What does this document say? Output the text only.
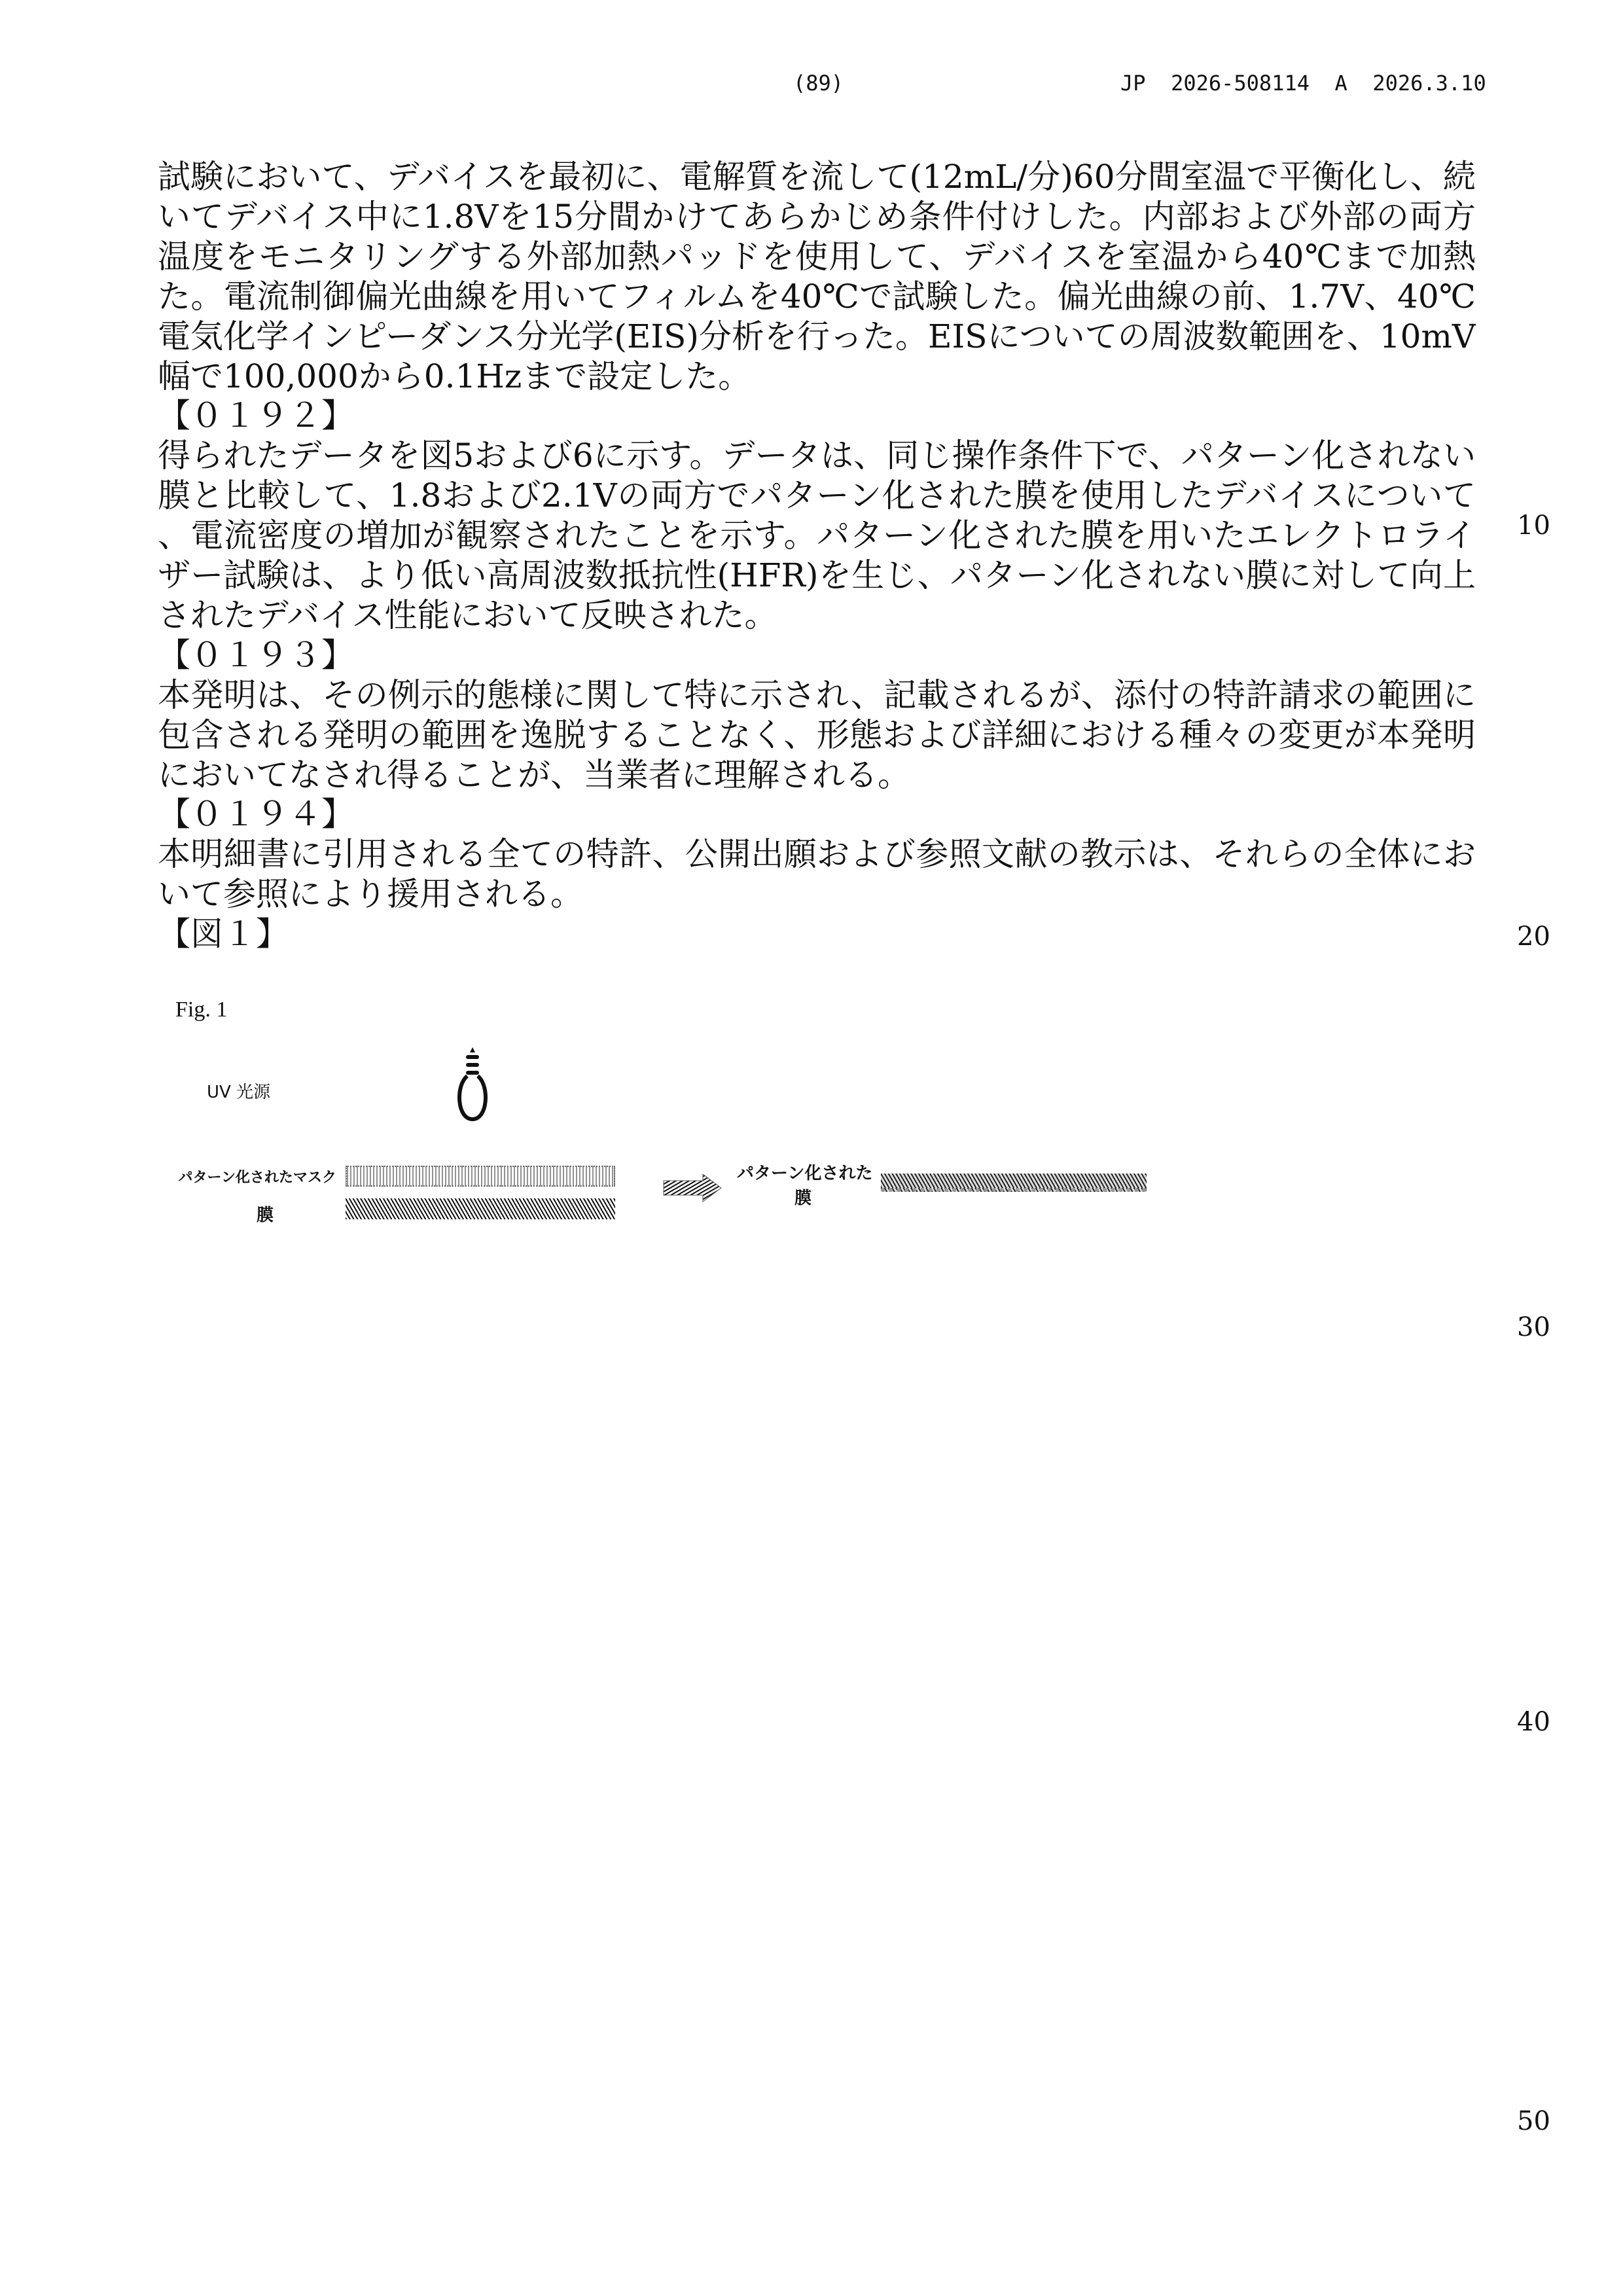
(89)	JP  2026-508114  A  2026.3.10
試験において、デバイスを最初に、電解質を流して(12mL/分)60分間室温で平衡化し、続
いてデバイス中に1.8Vを15分間かけてあらかじめ条件付けした。内部および外部の両方
温度をモニタリングする外部加熱パッドを使用して、デバイスを室温から40℃まで加熱
た。電流制御偏光曲線を用いてフィルムを40℃で試験した。偏光曲線の前、1.7V、40℃
電気化学インピーダンス分光学(EIS)分析を行った。EISについての周波数範囲を、10mV
幅で100,000から0.1Hzまで設定した。
【０１９２】
得られたデータを図5および6に示す。データは、同じ操作条件下で、パターン化されない
膜と比較して、1.8および2.1Vの両方でパターン化された膜を使用したデバイスについて
、電流密度の増加が観察されたことを示す。パターン化された膜を用いたエレクトロライ
ザー試験は、より低い高周波数抵抗性(HFR)を生じ、パターン化されない膜に対して向上
されたデバイス性能において反映された。
【０１９３】
本発明は、その例示的態様に関して特に示され、記載されるが、添付の特許請求の範囲に
包含される発明の範囲を逸脱することなく、形態および詳細における種々の変更が本発明
においてなされ得ることが、当業者に理解される。
【０１９４】
本明細書に引用される全ての特許、公開出願および参照文献の教示は、それらの全体にお
いて参照により援用される。
【図１】
10
20
30
40
50
Fig. 1
UV 光源
パターン化されたマスク
膜
パターン化された
膜
